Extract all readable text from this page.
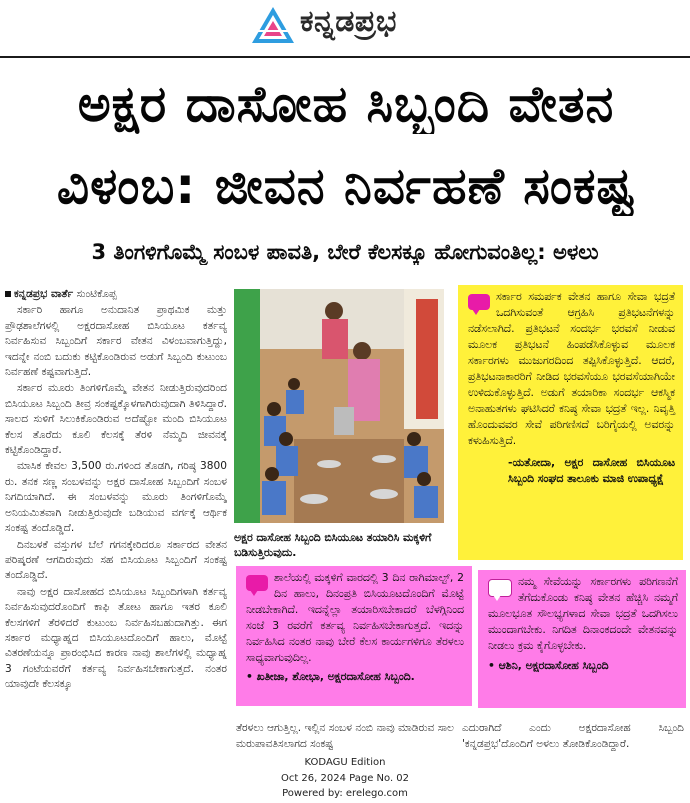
ಕನ್ನಡಪ್ರಭ
ಅಕ್ಷರ ದಾಸೋಹ ಸಿಬ್ಬಂದಿ ವೇತನ
ವಿಳಂಬ: ಜೀವನ ನಿರ್ವಹಣೆ ಸಂಕಷ್ಟ
3 ತಿಂಗಳಿಗೊಮ್ಮೆ ಸಂಬಳ ಪಾವತಿ, ಬೇರೆ ಕೆಲಸಕ್ಕೂ ಹೋಗುವಂತಿಲ್ಲ: ಅಳಲು

ಕನ್ನಡಪ್ರಭ ವಾರ್ತೆ ಸುಂಟಿಕೊಪ್ಪ

ಸರ್ಕಾರಿ ಹಾಗೂ ಅನುದಾನಿತ ಪ್ರಾಥಮಿಕ ಮತ್ತು ಪ್ರೌಢಶಾಲೆಗಳಲ್ಲಿ ಅಕ್ಷರದಾಸೋಹ ಬಿಸಿಯೂಟ ಕರ್ತವ್ಯ ನಿರ್ವಹಿಸುವ ಸಿಬ್ಬಂದಿಗೆ ಸರ್ಕಾರ ವೇತನ ವಿಳಂಬವಾಗುತ್ತಿದ್ದು, ಇದನ್ನೇ ನಂಬಿ ಬದುಕು ಕಟ್ಟಿಕೊಂಡಿರುವ ಅಡುಗೆ ಸಿಬ್ಬಂದಿ ಕುಟುಂಬ ನಿರ್ವಹಣೆ ಕಷ್ಟವಾಗುತ್ತಿದೆ.

ಸರ್ಕಾರ ಮೂರು ತಿಂಗಳಿಗೊಮ್ಮೆ ವೇತನ ನೀಡುತ್ತಿರುವುದರಿಂದ ಬಿಸಿಯೂಟ ಸಿಬ್ಬಂದಿ ತೀವ್ರ ಸಂಕಷ್ಟಕ್ಕೊಳಗಾಗಿರುವುದಾಗಿ ತಿಳಿಸಿದ್ದಾರೆ. ಸಾಲದ ಸುಳಿಗೆ ಸಿಲುಕಿಕೊಂಡಿರುವ ಅದೆಷ್ಟೋ ಮಂದಿ ಬಿಸಿಯೂಟ ಕೆಲಸ ತೊರೆದು ಕೂಲಿ ಕೆಲಸಕ್ಕೆ ತೆರಳಿ ನೆಮ್ಮದಿ ಜೀವನಕ್ಕೆ ಕಟ್ಟಿಕೊಂಡಿದ್ದಾರೆ.

ಮಾಸಿಕ ಕೇವಲ 3,500 ರು.ಗಳಿಂದ ತೊಡಗಿ, ಗರಿಷ್ಠ 3800 ರು. ತನಕ ಸಣ್ಣ ಸಂಬಳವನ್ನು ಅಕ್ಷರ ದಾಸೋಹ ಸಿಬ್ಬಂದಿಗೆ ಸಂಬಳ ನಿಗದಿಯಾಗಿದೆ. ಈ ಸಂಬಳವನ್ನು ಮೂರು ತಿಂಗಳಿಗೊಮ್ಮೆ ಅನಿಯಮಿತವಾಗಿ ನೀಡುತ್ತಿರುವುದೇ ಬಡಿಯುವ ವರ್ಗಕ್ಕೆ ಆರ್ಥಿಕ ಸಂಕಷ್ಟ ತಂದೊಡ್ಡಿದೆ.

ದಿನಬಳಕೆ ವಸ್ತುಗಳ ಬೆಲೆ ಗಗನಕ್ಕೇರಿದರೂ ಸರ್ಕಾರದ ವೇತನ ಪರಿಷ್ಕರಣೆ ಆಗದಿರುವುದು ಸಹ ಬಿಸಿಯೂಟ ಸಿಬ್ಬಂದಿಗೆ ಸಂಕಷ್ಟ ತಂದೊಡ್ಡಿದೆ.

ನಾವು ಅಕ್ಷರ ದಾಸೋಹದ ಬಿಸಿಯೂಟ ಸಿಬ್ಬಂದಿಗಳಾಗಿ ಕರ್ತವ್ಯ ನಿರ್ವಹಿಸುವುದರೊಂದಿಗೆ ಕಾಫಿ ತೋಟ ಹಾಗೂ ಇತರ ಕೂಲಿ ಕೆಲಸಗಳಿಗೆ ತೆರಳಿದರೆ ಕುಟುಂಬ ನಿರ್ವಹಿಸಬಹುದಾಗಿತ್ತು. ಈಗ ಸರ್ಕಾರ ಮಧ್ಯಾಹ್ನದ ಬಿಸಿಯೂಟದೊಂದಿಗೆ ಹಾಲು, ಮೊಟ್ಟೆ ವಿತರಣೆಯನ್ನೂ ಪ್ರಾರಂಭಿಸಿದ ಕಾರಣ ನಾವು ಶಾಲೆಗಳಲ್ಲಿ ಮಧ್ಯಾಹ್ನ 3 ಗಂಟೆಯವರೆಗೆ ಕರ್ತವ್ಯ ನಿರ್ವಹಿಸಬೇಕಾಗುತ್ತದೆ. ನಂತರ ಯಾವುದೇ ಕೆಲಸಕ್ಕೂ

ಅಕ್ಷರ ದಾಸೋಹ ಸಿಬ್ಬಂದಿ ಬಿಸಿಯೂಟ ತಯಾರಿಸಿ ಮಕ್ಕಳಿಗೆ ಬಡಿಸುತ್ತಿರುವುದು.
ಸರ್ಕಾರ ಸಮರ್ಪಕ ವೇತನ ಹಾಗೂ ಸೇವಾ ಭದ್ರತೆ ಒದಗಿಸುವಂತೆ ಆಗ್ರಹಿಸಿ ಪ್ರತಿಭಟನೆಗಳನ್ನು ನಡೆಸಲಾಗಿದೆ. ಪ್ರತಿಭಟನೆ ಸಂದರ್ಭ ಭರವಸೆ ನೀಡುವ ಮೂಲಕ ಪ್ರತಿಭಟನೆ ಹಿಂಪಡೆಸಿಕೊಳ್ಳುವ ಮೂಲಕ ಸರ್ಕಾರಗಳು ಮುಜುಗರದಿಂದ ತಪ್ಪಿಸಿಕೊಳ್ಳುತ್ತಿದೆ. ಆದರೆ, ಪ್ರತಿಭಟನಾಕಾರರಿಗೆ ನೀಡಿದ ಭರವಸೆಯೂ ಭರವಸೆಯಾಗಿಯೇ ಉಳಿದುಕೊಳ್ಳುತ್ತಿದೆ. ಅಡುಗೆ ತಯಾರಿಕಾ ಸಂದರ್ಭ ಆಕಸ್ಮಿಕ ಅನಾಹುತಗಳು ಘಟಿಸಿದರೆ ಕನಿಷ್ಠ ಸೇವಾ ಭದ್ರತೆ ಇಲ್ಲ. ನಿವೃತ್ತಿ ಹೊಂದುವವರ ಸೇವೆ ಪರಿಗಣಿಸದೆ ಬರಿಗೈಯಲ್ಲಿ ಅವರನ್ನು ಕಳುಹಿಸುತ್ತಿದೆ.
-ಯತೋದಾ, ಅಕ್ಷರ ದಾಸೋಹ ಬಿಸಿಯೂಟ ಸಿಬ್ಬಂದಿ ಸಂಘದ ತಾಲೂಕು ಮಾಜಿ ಉಪಾಧ್ಯಕ್ಷೆ
ಶಾಲೆಯಲ್ಲಿ ಮಕ್ಕಳಿಗೆ ವಾರದಲ್ಲಿ 3 ದಿನ ರಾಗಿಮಾಲ್ಟ್, 2 ದಿನ ಹಾಲು, ದಿನಂಪ್ರತಿ ಬಿಸಿಯೂಟದೊಂದಿಗೆ ಮೊಟ್ಟೆ ನೀಡಬೇಕಾಗಿದೆ. ಇದನ್ನೆಲ್ಲಾ ತಯಾರಿಸಬೇಕಾದರೆ ಬೆಳಗ್ಗಿನಿಂದ ಸಂಜೆ 3 ರವರೆಗೆ ಕರ್ತವ್ಯ ನಿರ್ವಹಿಸಬೇಕಾಗುತ್ತದೆ. ಇದನ್ನು ನಿರ್ವಹಿಸಿದ ನಂತರ ನಾವು ಬೇರೆ ಕೆಲಸ ಕಾರ್ಯಗಳಿಗೂ ತೆರಳಲು ಸಾಧ್ಯವಾಗುವುದಿಲ್ಲ.
• ಖತೀಜಾ, ಶೋಭಾ, ಅಕ್ಷರದಾಸೋಹ ಸಿಬ್ಬಂದಿ.
ನಮ್ಮ ಸೇವೆಯನ್ನು ಸರ್ಕಾರಗಳು ಪರಿಗಣನೆಗೆ ತೆಗೆದುಕೊಂಡು ಕನಿಷ್ಠ ವೇತನ ಹೆಚ್ಚಿಸಿ ನಮ್ಮಗೆ ಮೂಲಭೂತ ಸೌಲಭ್ಯಗಳಾದ ಸೇವಾ ಭದ್ರತೆ ಒದಗಿಸಲು ಮುಂದಾಗಬೇಕು. ನಿಗದಿತ ದಿನಾಂಕದಂದೇ ವೇತನವನ್ನು ನೀಡಲು ಕ್ರಮ ಕೈಗೊಳ್ಳಬೇಕು.
• ಆಶಿನಿ, ಅಕ್ಷರದಾಸೋಹ ಸಿಬ್ಬಂದಿ
ತೆರಳಲು ಆಗುತ್ತಿಲ್ಲ. ಇಲ್ಲಿನ ಸಂಬಳ ನಂಬಿ ನಾವು ಮಾಡಿರುವ ಸಾಲ ಮರುಪಾವತಿಸಲಾಗದ ಸಂಕಷ್ಟ
ಎದುರಾಗಿದೆ ಎಂದು ಅಕ್ಷರದಾಸೋಹ ಸಿಬ್ಬಂದಿ 'ಕನ್ನಡಪ್ರಭ'ದೊಂದಿಗೆ ಅಳಲು ತೋಡಿಕೊಂಡಿದ್ದಾರೆ.
KODAGU Edition
Oct 26, 2024 Page No. 02
Powered by: erelego.com
